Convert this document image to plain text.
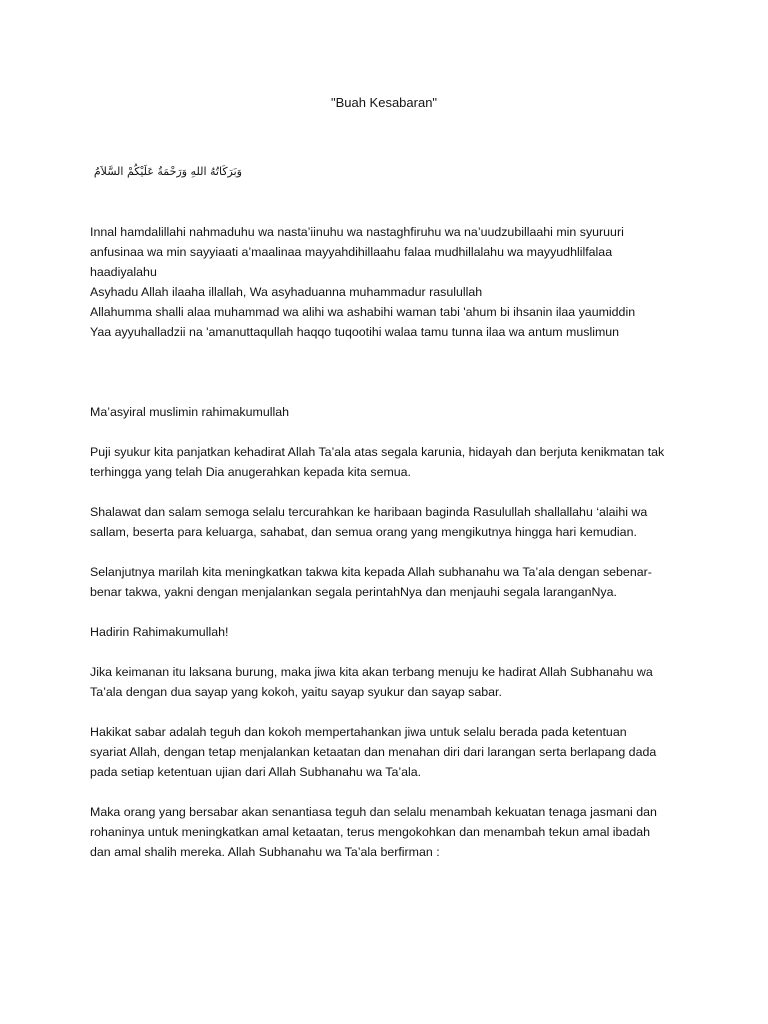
"Buah Kesabaran"
وَبَرَكَاتُهُ اللهِ وَرَحْمَةُ عَلَيْكُمْ السَّلاَمُ

Innal hamdalillahi nahmaduhu wa nasta’iinuhu wa nastaghfiruhu wa na’uudzubillaahi min syuruuri
anfusinaa wa min sayyiaati a’maalinaa mayyahdihillaahu falaa mudhillalahu wa mayyudhlilfalaa
haadiyalahu
Asyhadu Allah ilaaha illallah, Wa asyhaduanna muhammadur rasulullah
Allahumma shalli alaa muhammad wa alihi wa ashabihi waman tabi 'ahum bi ihsanin ilaa yaumiddin
Yaa ayyuhalladzii na 'amanuttaqullah haqqo tuqootihi walaa tamu tunna ilaa wa antum muslimun

Ma’asyiral muslimin rahimakumullah

Puji syukur kita panjatkan kehadirat Allah Ta’ala atas segala karunia, hidayah dan berjuta kenikmatan tak
terhingga yang telah Dia anugerahkan kepada kita semua.

Shalawat dan salam semoga selalu tercurahkan ke haribaan baginda Rasulullah shallallahu ‘alaihi wa
sallam, beserta para keluarga, sahabat, dan semua orang yang mengikutnya hingga hari kemudian.

Selanjutnya marilah kita meningkatkan takwa kita kepada Allah subhanahu wa Ta’ala dengan sebenar-
benar takwa, yakni dengan menjalankan segala perintahNya dan menjauhi segala laranganNya.

Hadirin Rahimakumullah!

Jika keimanan itu laksana burung, maka jiwa kita akan terbang menuju ke hadirat Allah Subhanahu wa
Ta’ala dengan dua sayap yang kokoh, yaitu sayap syukur dan sayap sabar.

Hakikat sabar adalah teguh dan kokoh mempertahankan jiwa untuk selalu berada pada ketentuan
syariat Allah, dengan tetap menjalankan ketaatan dan menahan diri dari larangan serta berlapang dada
pada setiap ketentuan ujian dari Allah Subhanahu wa Ta’ala.

Maka orang yang bersabar akan senantiasa teguh dan selalu menambah kekuatan tenaga jasmani dan
rohaninya untuk meningkatkan amal ketaatan, terus mengokohkan dan menambah tekun amal ibadah
dan amal shalih mereka. Allah Subhanahu wa Ta’ala berfirman :
